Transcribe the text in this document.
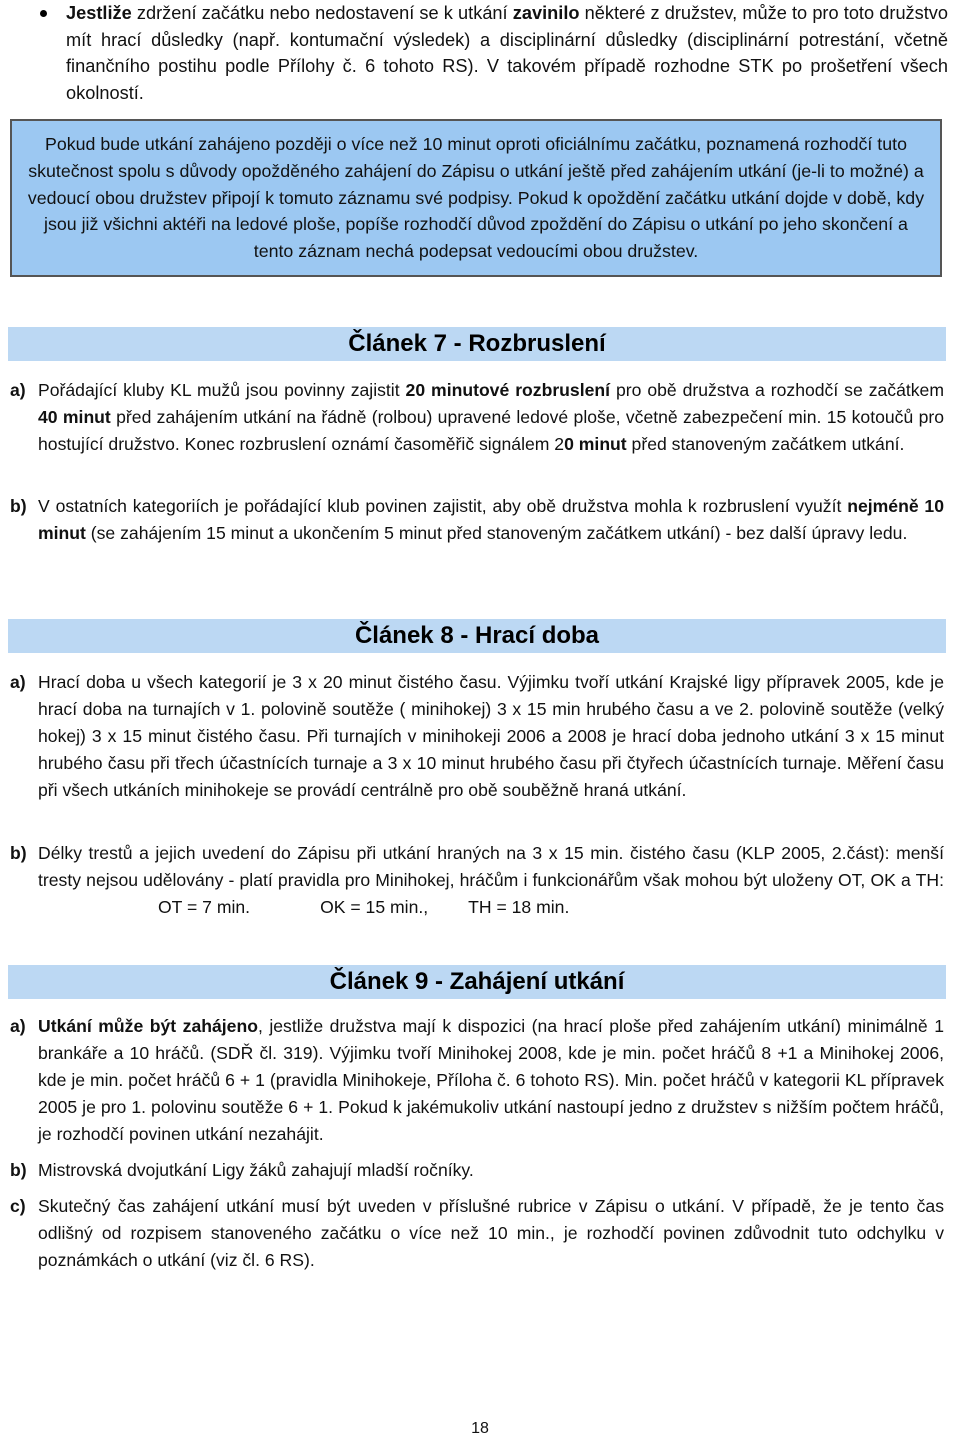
Jestliže zdržení začátku nebo nedostavení se k utkání zavinilo některé z družstev, může to pro toto družstvo mít hrací důsledky (např. kontumační výsledek) a disciplinární důsledky (disciplinární potrestání, včetně finančního postihu podle Přílohy č. 6 tohoto RS). V takovém případě rozhodne STK po prošetření všech okolností.

Pokud bude utkání zahájeno později o více než 10 minut oproti oficiálnímu začátku, poznamená rozhodčí tuto skutečnost spolu s důvody opožděného zahájení do Zápisu o utkání ještě před zahájením utkání (je-li to možné) a vedoucí obou družstev připojí k tomuto záznamu své podpisy. Pokud k opoždění začátku utkání dojde v době, kdy jsou již všichni aktéři na ledové ploše, popíše rozhodčí důvod zpoždění do Zápisu o utkání po jeho skončení a tento záznam nechá podepsat vedoucími obou družstev.
Článek 7 - Rozbruslení
a) Pořádající kluby KL mužů jsou povinny zajistit 20 minutové rozbruslení pro obě družstva a rozhodčí se začátkem 40 minut před zahájením utkání na řádně (rolbou) upravené ledové ploše, včetně zabezpečení min. 15 kotoučů pro hostující družstvo. Konec rozbruslení oznámí časoměřič signálem 20 minut před stanoveným začátkem utkání.
b) V ostatních kategoriích je pořádající klub povinen zajistit, aby obě družstva mohla k rozbruslení využít nejméně 10 minut (se zahájením 15 minut a ukončením 5 minut před stanoveným začátkem utkání) - bez další úpravy ledu.
Článek 8 - Hrací doba
a) Hrací doba u všech kategorií je 3 x 20 minut čistého času. Výjimku tvoří utkání Krajské ligy přípravek 2005, kde je hrací doba na turnajích v 1. polovině soutěže ( minihokej) 3 x 15 min hrubého času a ve 2. polovině soutěže (velký hokej) 3 x 15 minut čistého času. Při turnajích v minihokeji 2006 a 2008 je hrací doba jednoho utkání 3 x 15 minut hrubého času při třech účastnících turnaje a 3 x 10 minut hrubého času při čtyřech účastnících turnaje. Měření času při všech utkáních minihokeje se provádí centrálně pro obě souběžně hraná utkání.
b) Délky trestů a jejich uvedení do Zápisu při utkání hraných na 3 x 15 min. čistého času (KLP 2005, 2.část): menší tresty nejsou udělovány - platí pravidla pro Minihokej, hráčům i funkcionářům však mohou být uloženy OT, OK a TH:OT = 7 min.	OK = 15 min., TH = 18 min.
Článek 9 - Zahájení utkání
a) Utkání může být zahájeno, jestliže družstva mají k dispozici (na hrací ploše před zahájením utkání) minimálně 1 brankáře a 10 hráčů. (SDŘ čl. 319). Výjimku tvoří Minihokej 2008, kde je min. počet hráčů 8 +1 a Minihokej 2006, kde je min. počet hráčů 6 + 1 (pravidla Minihokeje, Příloha č. 6 tohoto RS). Min. počet hráčů v kategorii KL přípravek 2005 je pro 1. polovinu soutěže 6 + 1. Pokud k jakémukoliv utkání nastoupí jedno z družstev s nižším počtem hráčů, je rozhodčí povinen utkání nezahájit.
b) Mistrovská dvojutkání Ligy žáků zahajují mladší ročníky.
c) Skutečný čas zahájení utkání musí být uveden v příslušné rubrice v Zápisu o utkání. V případě, že je tento čas odlišný od rozpisem stanoveného začátku o více než 10 min., je rozhodčí povinen zdůvodnit tuto odchylku v poznámkách o utkání (viz čl. 6 RS).
18
